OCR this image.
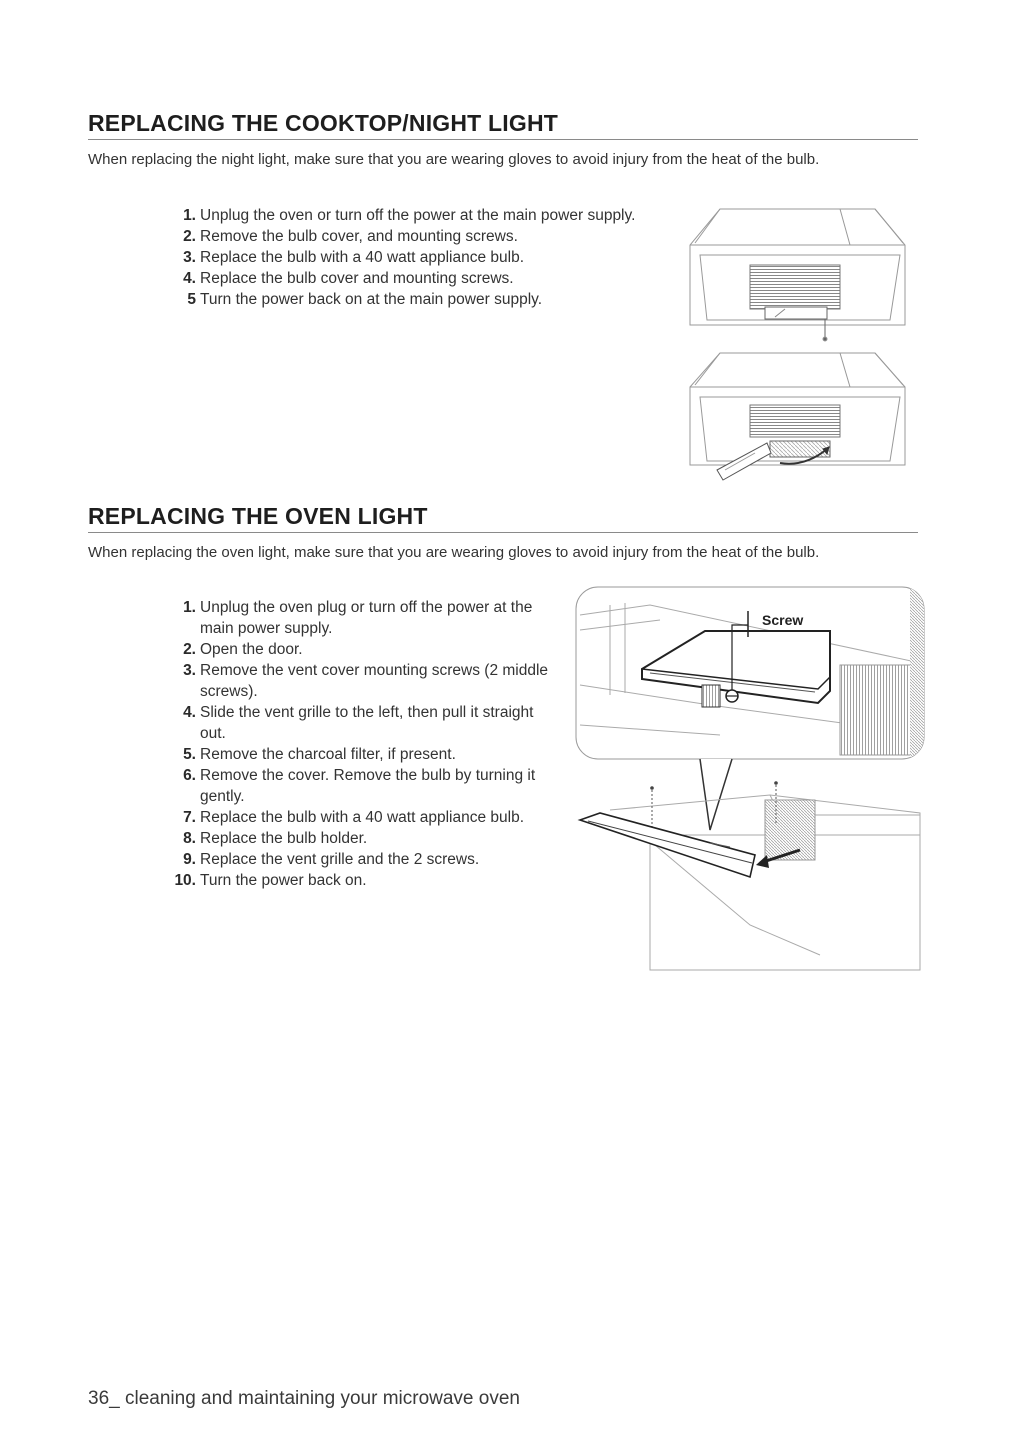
REPLACING THE COOKTOP/NIGHT LIGHT
When replacing the night light, make sure that you are wearing gloves to avoid injury from the heat of the bulb.
1. Unplug the oven or turn off the power at the main power supply.
2. Remove the bulb cover, and mounting screws.
3. Replace the bulb with a 40 watt appliance bulb.
4. Replace the bulb cover and mounting screws.
5 Turn the power back on at the main power supply.
REPLACING THE OVEN LIGHT
When replacing the oven light, make sure that you are wearing gloves to avoid injury from the heat of the bulb.
1. Unplug the oven plug or turn off the power at the main power supply.
2. Open the door.
3. Remove the vent cover mounting screws (2 middle screws).
4. Slide the vent grille to the left, then pull it straight out.
5. Remove the charcoal filter, if present.
6. Remove the cover. Remove the bulb by turning it gently.
7. Replace the bulb with a 40 watt appliance bulb.
8. Replace the bulb holder.
9. Replace the vent grille and the 2 screws.
10. Turn the power back on.
Screw
36_ cleaning and maintaining your microwave oven
